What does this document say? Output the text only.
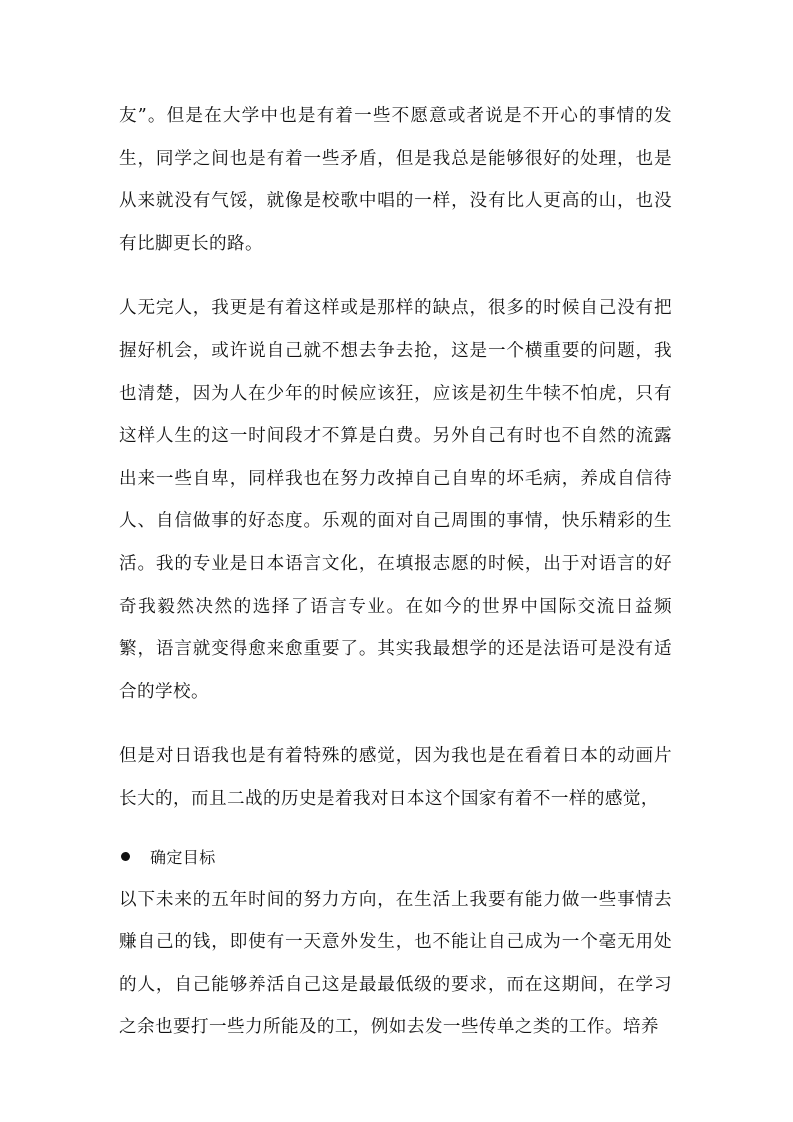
友”。但是在大学中也是有着一些不愿意或者说是不开心的事情的发生，同学之间也是有着一些矛盾，但是我总是能够很好的处理，也是从来就没有气馁，就像是校歌中唱的一样，没有比人更高的山，也没有比脚更长的路。

人无完人，我更是有着这样或是那样的缺点，很多的时候自己没有把握好机会，或许说自己就不想去争去抢，这是一个横重要的问题，我也清楚，因为人在少年的时候应该狂，应该是初生牛犊不怕虎，只有这样人生的这一时间段才不算是白费。另外自己有时也不自然的流露出来一些自卑，同样我也在努力改掉自己自卑的坏毛病，养成自信待人、自信做事的好态度。乐观的面对自己周围的事情，快乐精彩的生活。我的专业是日本语言文化，在填报志愿的时候，出于对语言的好奇我毅然决然的选择了语言专业。在如今的世界中国际交流日益频繁，语言就变得愈来愈重要了。其实我最想学的还是法语可是没有适合的学校。

但是对日语我也是有着特殊的感觉，因为我也是在看着日本的动画片长大的，而且二战的历史是着我对日本这个国家有着不一样的感觉，

确定目标

以下未来的五年时间的努力方向，在生活上我要有能力做一些事情去赚自己的钱，即使有一天意外发生，也不能让自己成为一个毫无用处的人，自己能够养活自己这是最最低级的要求，而在这期间，在学习之余也要打一些力所能及的工，例如去发一些传单之类的工作。培养
